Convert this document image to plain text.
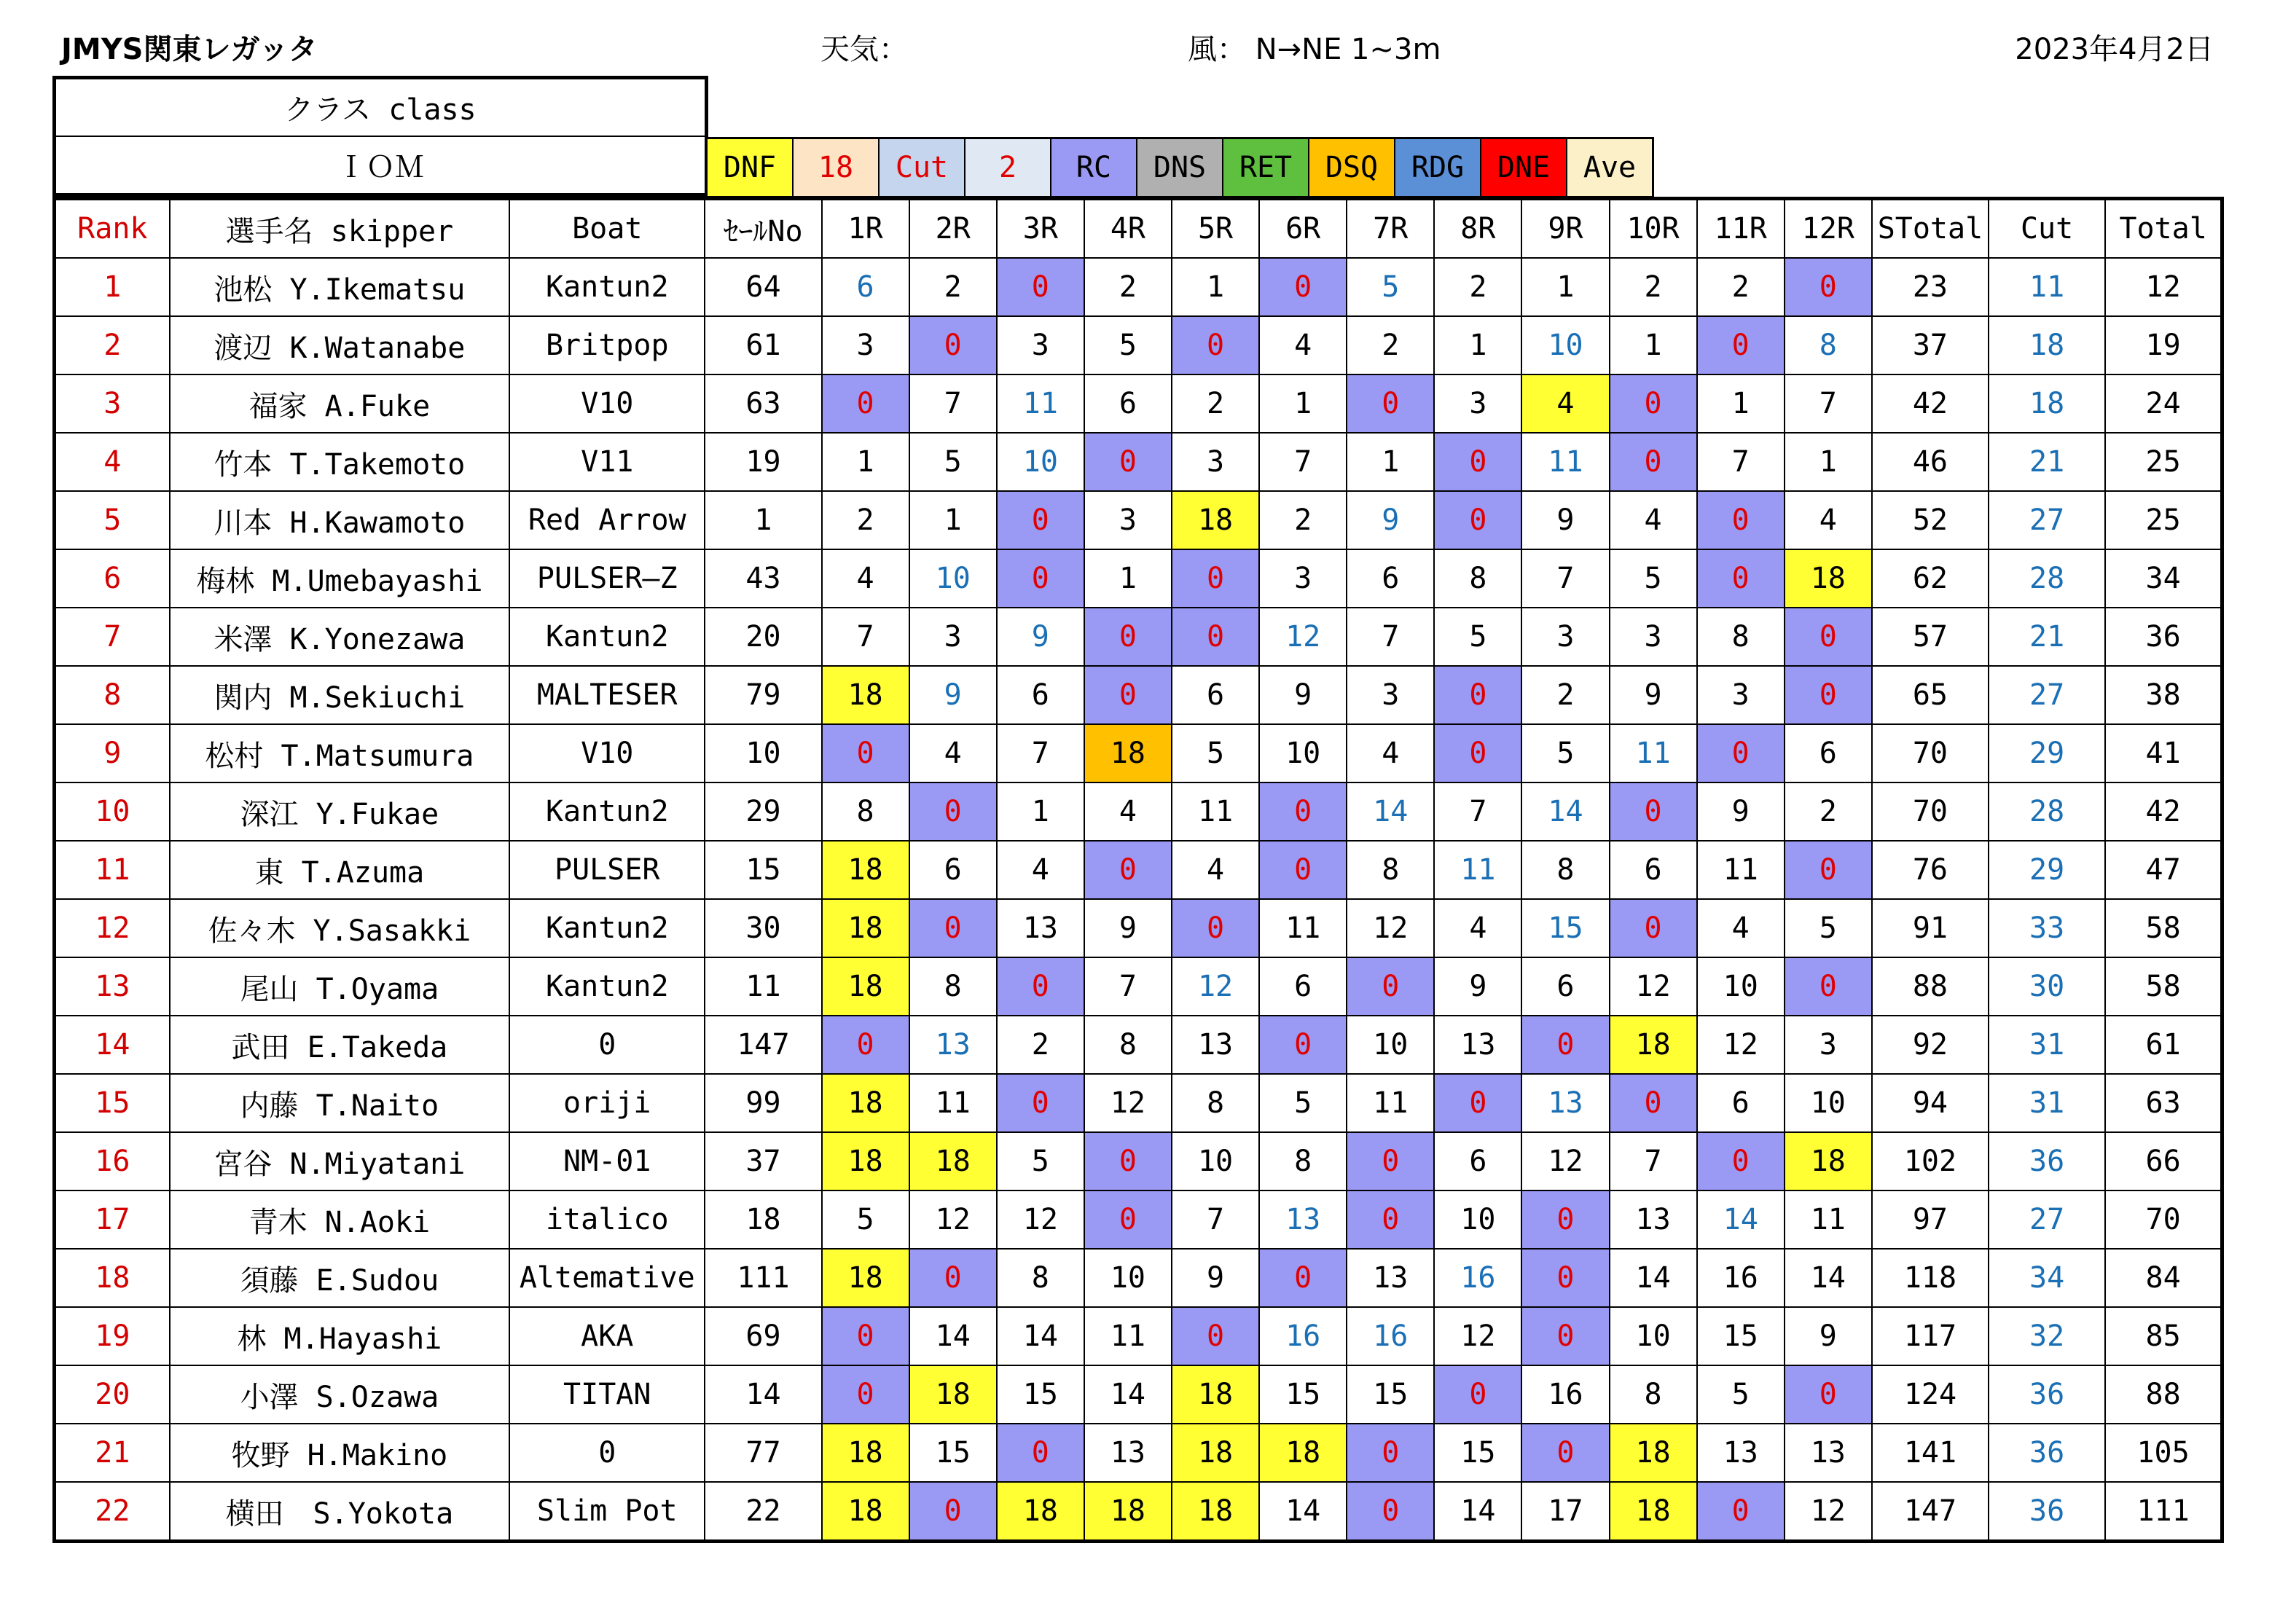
JMYS関東レガッタ	天気：	風： N→NE 1~3m	2023年4月2日
クラス class
ＩＯＭ	DNF	18	Cut	2	RC	DNS	RET	DSQ	RDG	DNE	Ave
Rank	選手名 skipper	Boat	ｾｰﾙNo	1R	2R	3R	4R	5R	6R	7R	8R	9R	10R	11R	12R	STotal	Cut	Total
1	池松 Y.Ikematsu	Kantun2	64	6	2	0	2	1	0	5	2	1	2	2	0	23	11	12
2	渡辺 K.Watanabe	Britpop	61	3	0	3	5	0	4	2	1	10	1	0	8	37	18	19
3	福家 A.Fuke	V10	63	0	7	11	6	2	1	0	3	4	0	1	7	42	18	24
4	竹本 T.Takemoto	V11	19	1	5	10	0	3	7	1	0	11	0	7	1	46	21	25
5	川本 H.Kawamoto	Red Arrow	1	2	1	0	3	18	2	9	0	9	4	0	4	52	27	25
6	梅林 M.Umebayashi	PULSER―Z	43	4	10	0	1	0	3	6	8	7	5	0	18	62	28	34
7	米澤 K.Yonezawa	Kantun2	20	7	3	9	0	0	12	7	5	3	3	8	0	57	21	36
8	関内 M.Sekiuchi	MALTESER	79	18	9	6	0	6	9	3	0	2	9	3	0	65	27	38
9	松村 T.Matsumura	V10	10	0	4	7	18	5	10	4	0	5	11	0	6	70	29	41
10	深江 Y.Fukae	Kantun2	29	8	0	1	4	11	0	14	7	14	0	9	2	70	28	42
11	東 T.Azuma	PULSER	15	18	6	4	0	4	0	8	11	8	6	11	0	76	29	47
12	佐々木 Y.Sasakki	Kantun2	30	18	0	13	9	0	11	12	4	15	0	4	5	91	33	58
13	尾山 T.Oyama	Kantun2	11	18	8	0	7	12	6	0	9	6	12	10	0	88	30	58
14	武田 E.Takeda	0	147	0	13	2	8	13	0	10	13	0	18	12	3	92	31	61
15	内藤 T.Naito	oriji	99	18	11	0	12	8	5	11	0	13	0	6	10	94	31	63
16	宮谷 N.Miyatani	NM-01	37	18	18	5	0	10	8	0	6	12	7	0	18	102	36	66
17	青木 N.Aoki	italico	18	5	12	12	0	7	13	0	10	0	13	14	11	97	27	70
18	須藤 E.Sudou	Altemative	111	18	0	8	10	9	0	13	16	0	14	16	14	118	34	84
19	林 M.Hayashi	AKA	69	0	14	14	11	0	16	16	12	0	10	15	9	117	32	85
20	小澤 S.Ozawa	TITAN	14	0	18	15	14	18	15	15	0	16	8	5	0	124	36	88
21	牧野 H.Makino	0	77	18	15	0	13	18	18	0	15	0	18	13	13	141	36	105
22	横田　S.Yokota	Slim Pot	22	18	0	18	18	18	14	0	14	17	18	0	12	147	36	111
